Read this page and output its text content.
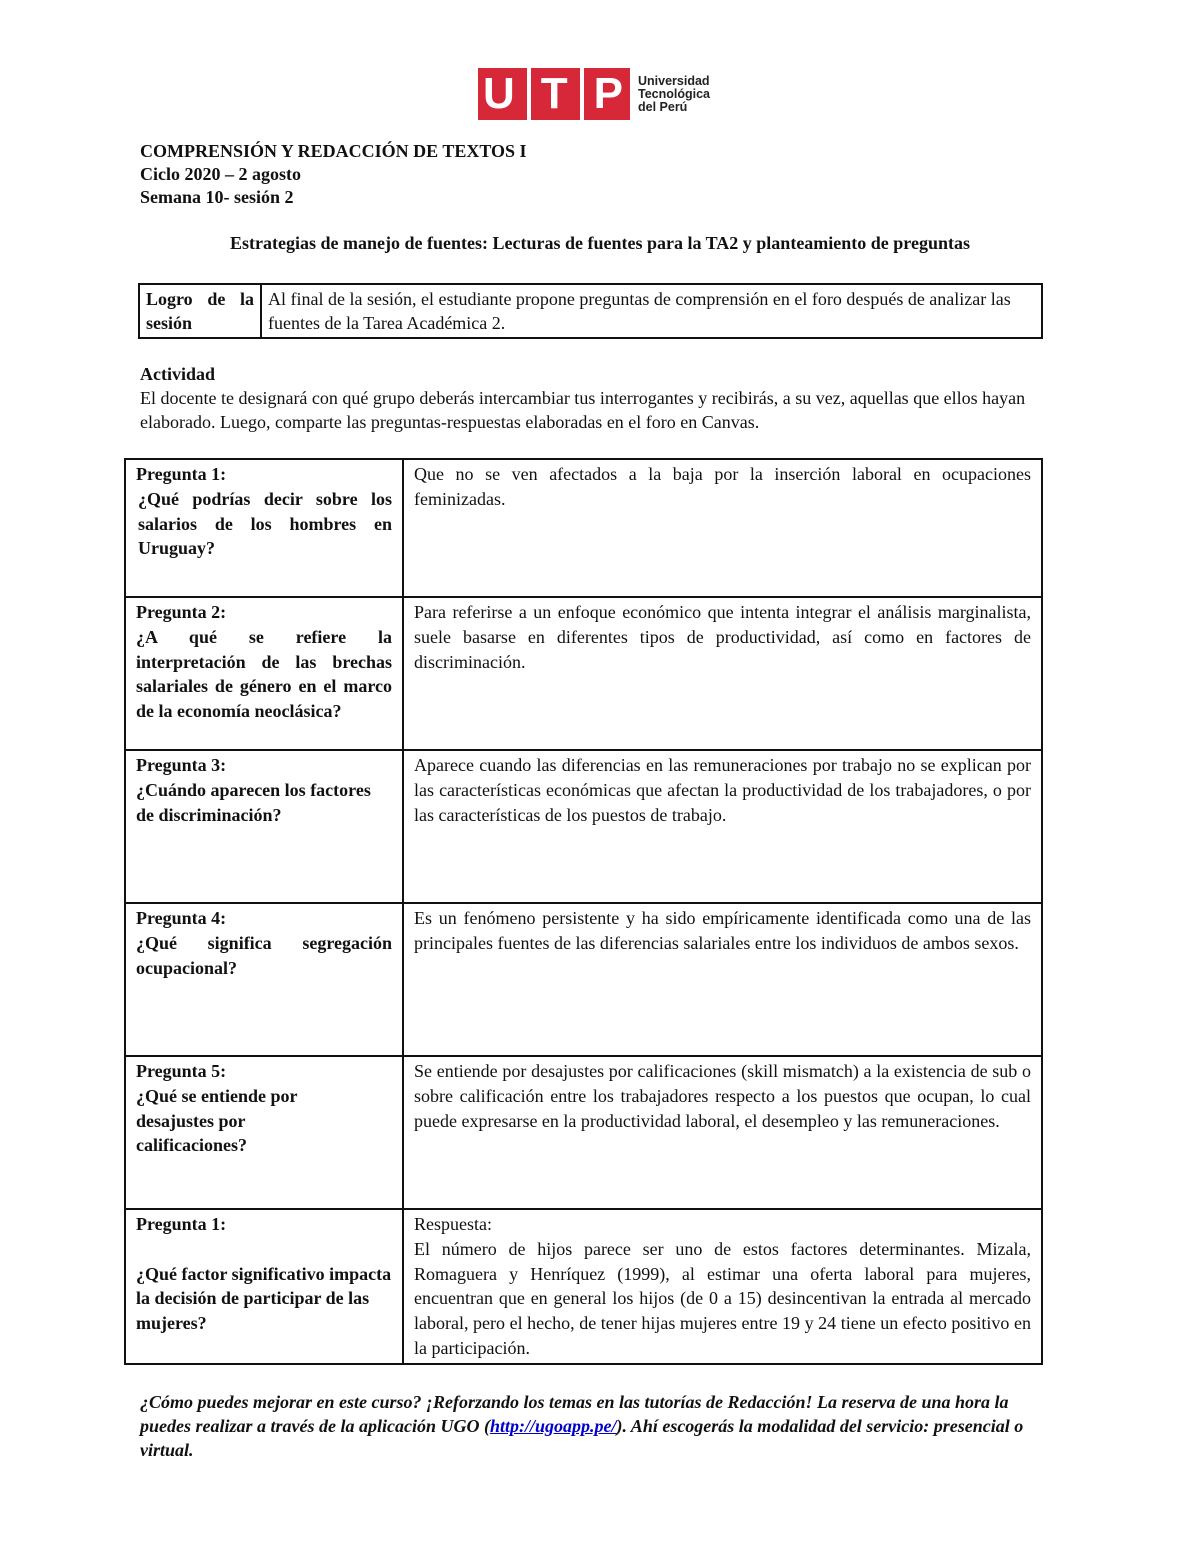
U T P Universidad
Tecnológica
del Perú
COMPRENSIÓN Y REDACCIÓN DE TEXTOS I
Ciclo 2020 – 2 agosto
Semana 10- sesión 2
Estrategias de manejo de fuentes: Lecturas de fuentes para la TA2 y planteamiento de preguntas
Logro de la sesión	Al final de la sesión, el estudiante propone preguntas de comprensión en el foro después de analizar las fuentes de la Tarea Académica 2.
Actividad
El docente te designará con qué grupo deberás intercambiar tus interrogantes y recibirás, a su vez, aquellas que ellos hayan elaborado. Luego, comparte las preguntas-respuestas elaboradas en el foro en Canvas.
Pregunta 1:
¿Qué podrías decir sobre los salarios de los hombres en Uruguay?	Que no se ven afectados a la baja por la inserción laboral en ocupaciones feminizadas.

Pregunta 2:
¿A qué se refiere la interpretación de las brechas salariales de género en el marco de la economía neoclásica?	Para referirse a un enfoque económico que intenta integrar el análisis marginalista, suele basarse en diferentes tipos de productividad, así como en factores de discriminación.

Pregunta 3:
¿Cuándo aparecen los factores de discriminación?	Aparece cuando las diferencias en las remuneraciones por trabajo no se explican por las características económicas que afectan la productividad de los trabajadores, o por las características de los puestos de trabajo.

Pregunta 4:
¿Qué significa segregación ocupacional?	Es un fenómeno persistente y ha sido empíricamente identificada como una de las principales fuentes de las diferencias salariales entre los individuos de ambos sexos.

Pregunta 5:
¿Qué se entiende por desajustes por calificaciones?	Se entiende por desajustes por calificaciones (skill mismatch) a la existencia de sub o sobre calificación entre los trabajadores respecto a los puestos que ocupan, lo cual puede expresarse en la productividad laboral, el desempleo y las remuneraciones.

Pregunta 1:
¿Qué factor significativo impacta la decisión de participar de las mujeres?	Respuesta:
El número de hijos parece ser uno de estos factores determinantes. Mizala, Romaguera y Henríquez (1999), al estimar una oferta laboral para mujeres, encuentran que en general los hijos (de 0 a 15) desincentivan la entrada al mercado laboral, pero el hecho, de tener hijas mujeres entre 19 y 24 tiene un efecto positivo en la participación.
¿Cómo puedes mejorar en este curso? ¡Reforzando los temas en las tutorías de Redacción! La reserva de una hora la puedes realizar a través de la aplicación UGO (http://ugoapp.pe/). Ahí escogerás la modalidad del servicio: presencial o virtual.
